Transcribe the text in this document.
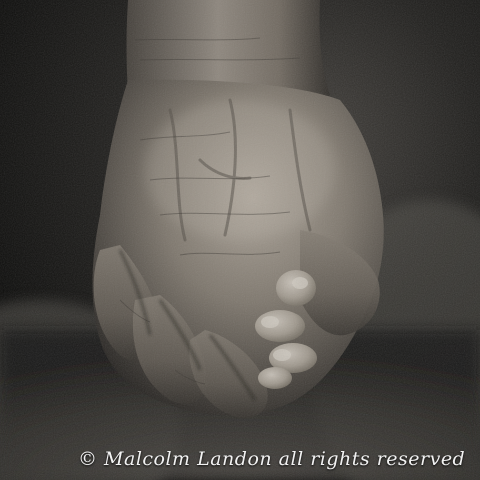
© Malcolm Landon all rights reserved
